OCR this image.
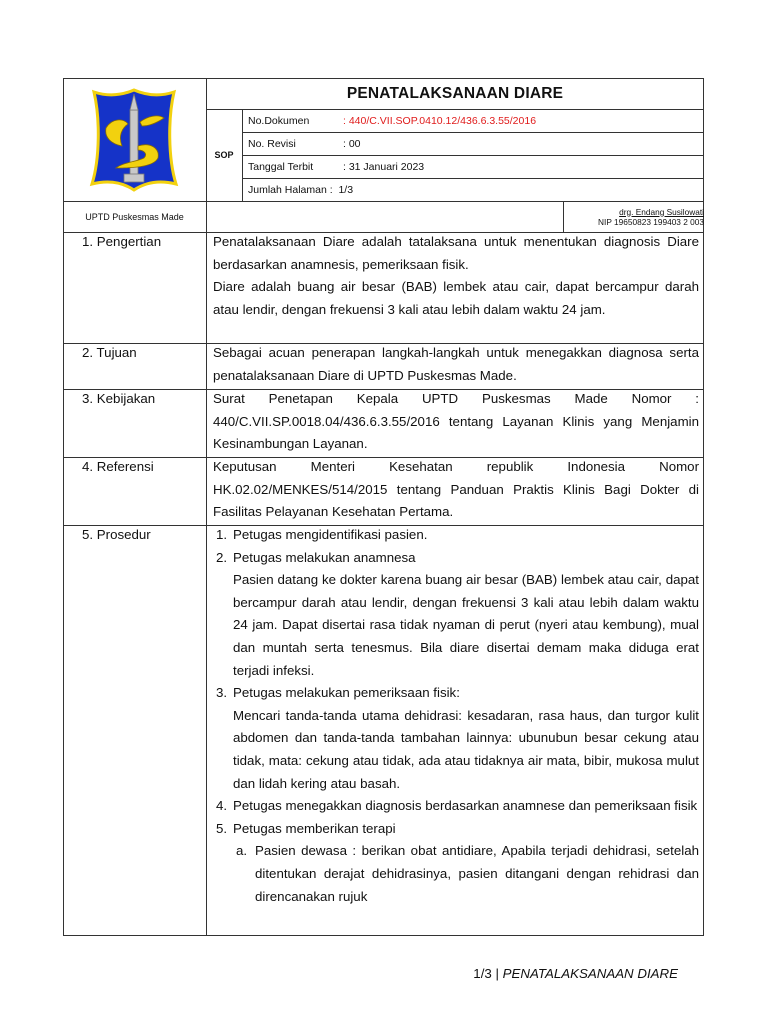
PENATALAKSANAAN DIARE
SOP
No.Dokumen	: 440/C.VII.SOP.0410.12/436.6.3.55/2016
No. Revisi	: 00
Tanggal Terbit	: 31 Januari 2023
Jumlah Halaman :  1/3
UPTD Puskesmas Made	drg. Endang Susilowati
NIP 19650823 199403 2 003
1. Pengertian	Penatalaksanaan Diare adalah tatalaksana untuk menentukan diagnosis Diare berdasarkan anamnesis, pemeriksaan fisik.

Diare adalah buang air besar (BAB) lembek atau cair, dapat bercampur darah atau lendir, dengan frekuensi 3 kali atau lebih dalam waktu 24 jam.

2. Tujuan	Sebagai acuan penerapan langkah-langkah untuk menegakkan diagnosa serta penatalaksanaan Diare di UPTD Puskesmas Made.
3. Kebijakan	Surat Penetapan Kepala UPTD Puskesmas Made Nomor : 440/C.VII.SP.0018.04/436.6.3.55/2016 tentang Layanan Klinis yang Menjamin Kesinambungan Layanan.
4. Referensi	Keputusan Menteri Kesehatan republik Indonesia Nomor HK.02.02/MENKES/514/2015 tentang Panduan Praktis Klinis Bagi Dokter di Fasilitas Pelayanan Kesehatan Pertama.
5. Prosedur	1. Petugas mengidentifikasi pasien.
2. Petugas melakukan anamnesa
Pasien datang ke dokter karena buang air besar (BAB) lembek atau cair, dapat bercampur darah atau lendir, dengan frekuensi 3 kali atau lebih dalam waktu 24 jam. Dapat disertai rasa tidak nyaman di perut (nyeri atau kembung), mual dan muntah serta tenesmus. Bila diare disertai demam maka diduga erat terjadi infeksi.
3. Petugas melakukan pemeriksaan fisik:
Mencari tanda-tanda utama dehidrasi: kesadaran, rasa haus, dan turgor kulit abdomen dan tanda-tanda tambahan lainnya: ubunubun besar cekung atau tidak, mata: cekung atau tidak, ada atau tidaknya air mata, bibir, mukosa mulut dan lidah kering atau basah.
4. Petugas menegakkan diagnosis berdasarkan anamnese dan pemeriksaan fisik
5. Petugas memberikan terapi
a. Pasien dewasa : berikan obat antidiare, Apabila terjadi dehidrasi, setelah ditentukan derajat dehidrasinya, pasien ditangani dengan rehidrasi dan direncanakan rujuk
1/3 | PENATALAKSANAAN DIARE
